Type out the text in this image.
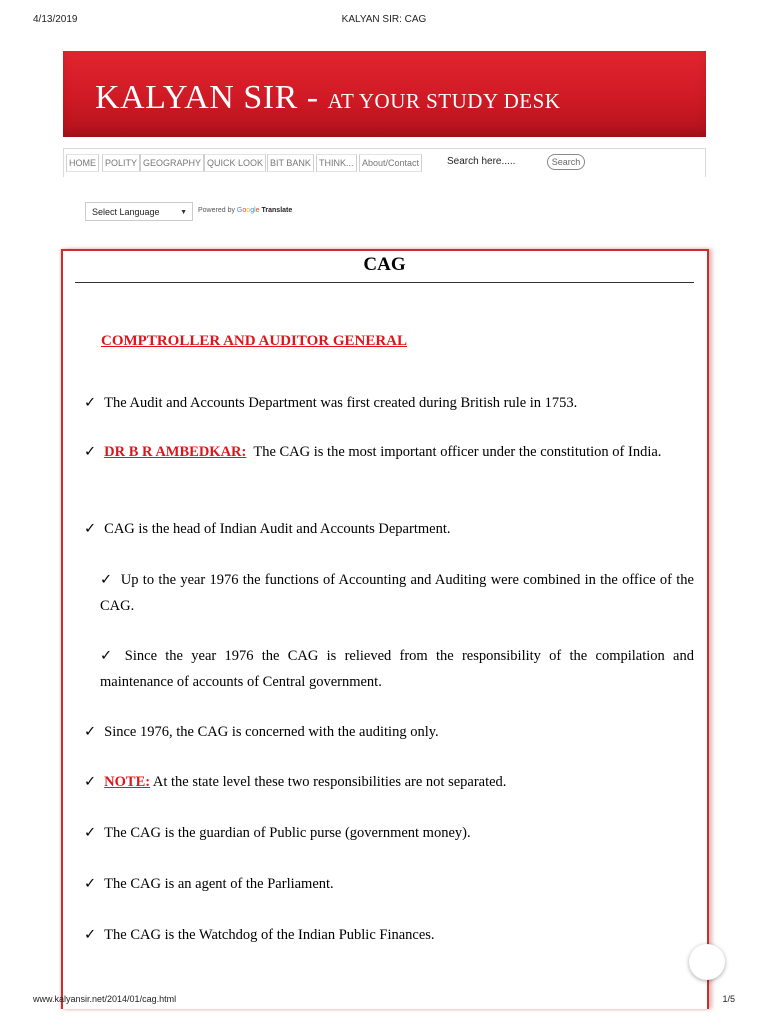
4/13/2019	KALYAN SIR: CAG
KALYAN SIR - AT YOUR STUDY DESK
HOME	POLITY GEOGRAPHY QUICK LOOK BIT BANK THINK... About/Contact	Search here.....	Search
Select Language	▼ Powered by Google Translate
CAG
COMPTROLLER AND AUDITOR GENERAL
✓ The Audit and Accounts Department was first created during British rule in 1753.
✓ DR B R AMBEDKAR: The CAG is the most important officer under the constitution of India.
✓ CAG is the head of Indian Audit and Accounts Department.
✓ Up to the year 1976 the functions of Accounting and Auditing were combined in the office of the CAG.
✓ Since the year 1976 the CAG is relieved from the responsibility of the compilation and maintenance of accounts of Central government.
✓ Since 1976, the CAG is concerned with the auditing only.
✓ NOTE: At the state level these two responsibilities are not separated.
✓ The CAG is the guardian of Public purse (government money).
✓ The CAG is an agent of the Parliament.
✓ The CAG is the Watchdog of the Indian Public Finances.
www.kalyansir.net/2014/01/cag.html	1/5
